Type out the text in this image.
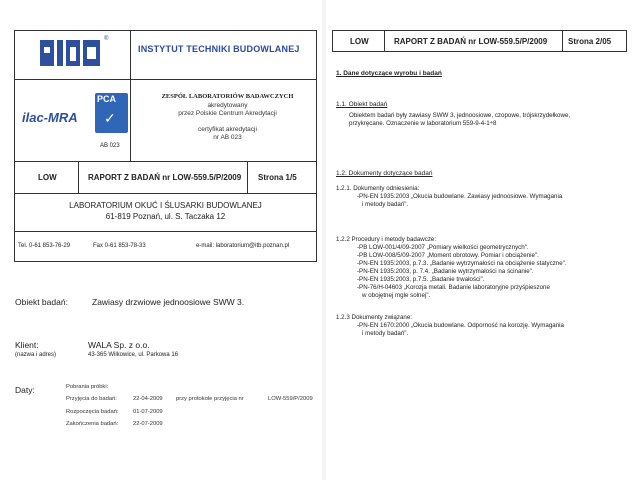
®
INSTYTUT TECHNIKI BUDOWLANEJ
ilac-MRA
PCA
✓
AB 023
ZESPÓŁ LABORATORIÓW BADAWCZYCH
akredytowany
przez Polskie Centrum Akredytacji
certyfikat akredytacji
nr AB 023
LOW	RAPORT Z BADAŃ nr LOW-559.5/P/2009 Strona 1/5
LABORATORIUM OKUĆ I ŚLUSARKI BUDOWLANEJ
61-819 Poznań, ul. S. Taczaka 12
Tel. 0-61 853-76-29	Fax 0-61 853-78-33	e-mail: laboratorium@itb.poznan.pl
Obiekt badań:	Zawiasy drzwiowe jednoosiowe SWW 3.
Klient:
(nazwa i adres)
WALA Sp. z o.o.
43-365 Wilkowice, ul. Parkowa 16
Daty:	Pobrania próbki:
Przyjęcia do badań:	22-04-2009 przy protokole przyjęcia nr	LOW-559/P/2009
Rozpoczęcia badań: 01-07-2009
Zakończenia badań:	22-07-2009
LOW	RAPORT Z BADAŃ nr LOW-559.5/P/2009	Strona 2/05
1. Dane dotyczące wyrobu i badań
1.1. Obiekt badań
Obiektem badań były zawiasy SWW 3, jednoosiowe, czopowe, trójskrzydełkowe,
przykręcane. Oznaczenie w laboratorium 559-9-4-1÷8
1.2. Dokumenty dotyczące badań
1.2.1. Dokumenty odniesienia:
-PN-EN 1935:2003 „Okucia budowlane. Zawiasy jednoosiowe. Wymagania
i metody badań".
1.2.2 Procedury i metody badawcze:
-PB LOW-001/4/09-2007 „Pomiary wielkości geometrycznych".
-PB LOW-008/5/09-2007 „Moment obrotowy. Pomiar i obciążenie".
-PN-EN 1935:2003, p.7.3. „Badanie wytrzymałości na obciążenie statyczne".
-PN-EN 1935:2003, p. 7.4. „Badanie wytrzymałości na ścinanie".
-PN-EN 1935:2003, p.7.5. „Badanie trwałości".
-PN-76/H-04603 „Korozja metali. Badanie laboratoryjne przyśpieszone
w obojętnej mgle solnej".
1.2.3 Dokumenty związane:
-PN-EN 1670:2000 „Okucia budowlane. Odporność na korozję. Wymagania
i metody badań".
